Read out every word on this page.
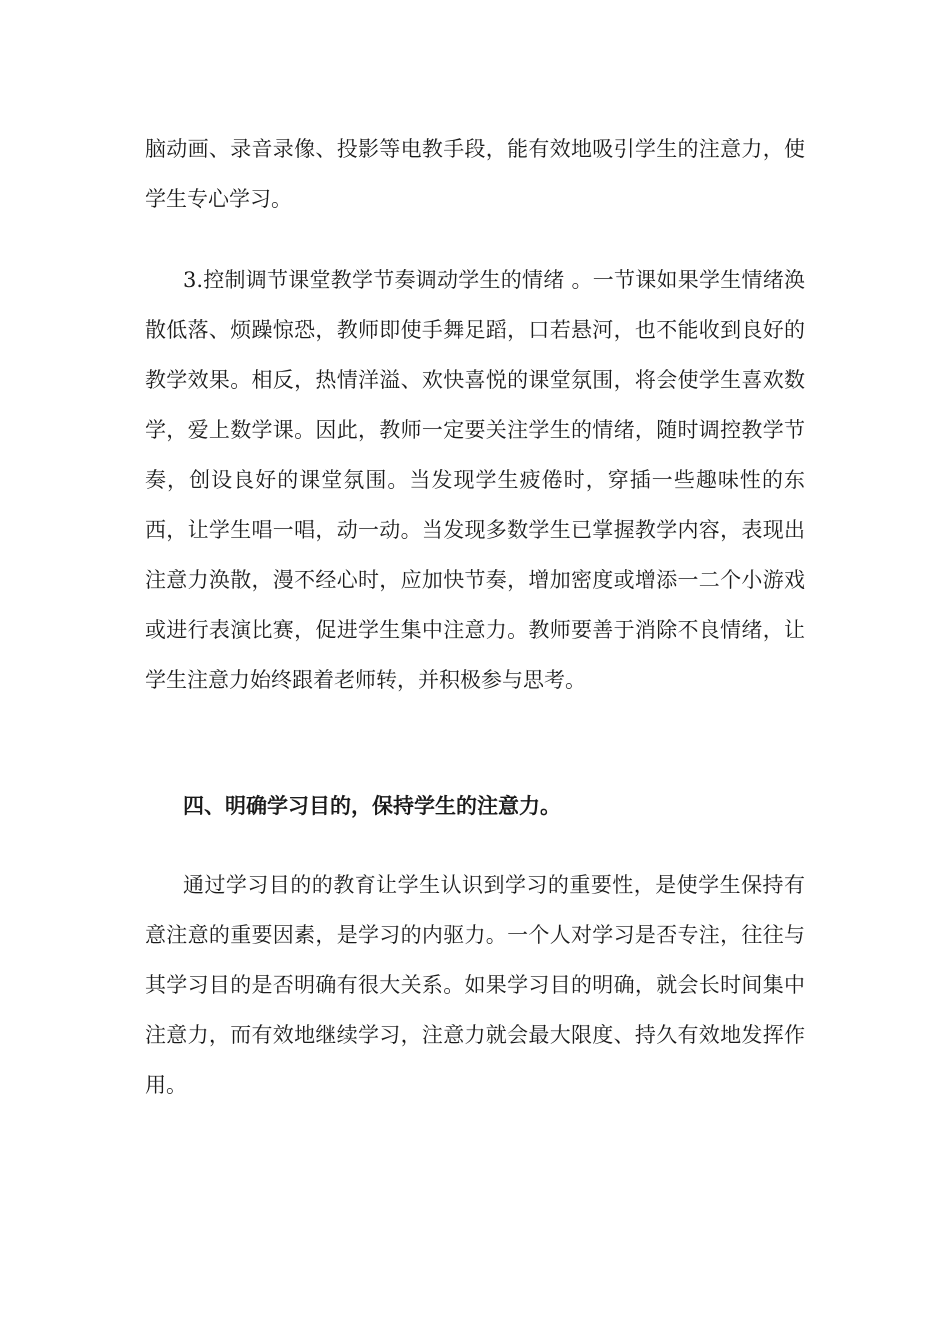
脑动画、录音录像、投影等电教手段，能有效地吸引学生的注意力，使学生专心学习。

3.控制调节课堂教学节奏调动学生的情绪 。一节课如果学生情绪涣散低落、烦躁惊恐，教师即使手舞足蹈，口若悬河，也不能收到良好的教学效果。相反，热情洋溢、欢快喜悦的课堂氛围，将会使学生喜欢数学，爱上数学课。因此，教师一定要关注学生的情绪，随时调控教学节奏，创设良好的课堂氛围。当发现学生疲倦时，穿插一些趣味性的东西，让学生唱一唱，动一动。当发现多数学生已掌握教学内容，表现出注意力涣散，漫不经心时，应加快节奏，增加密度或增添一二个小游戏或进行表演比赛，促进学生集中注意力。教师要善于消除不良情绪，让学生注意力始终跟着老师转，并积极参与思考。

四、明确学习目的，保持学生的注意力。

通过学习目的的教育让学生认识到学习的重要性，是使学生保持有意注意的重要因素，是学习的内驱力。一个人对学习是否专注，往往与其学习目的是否明确有很大关系。如果学习目的明确，就会长时间集中注意力，而有效地继续学习，注意力就会最大限度、持久有效地发挥作用。
